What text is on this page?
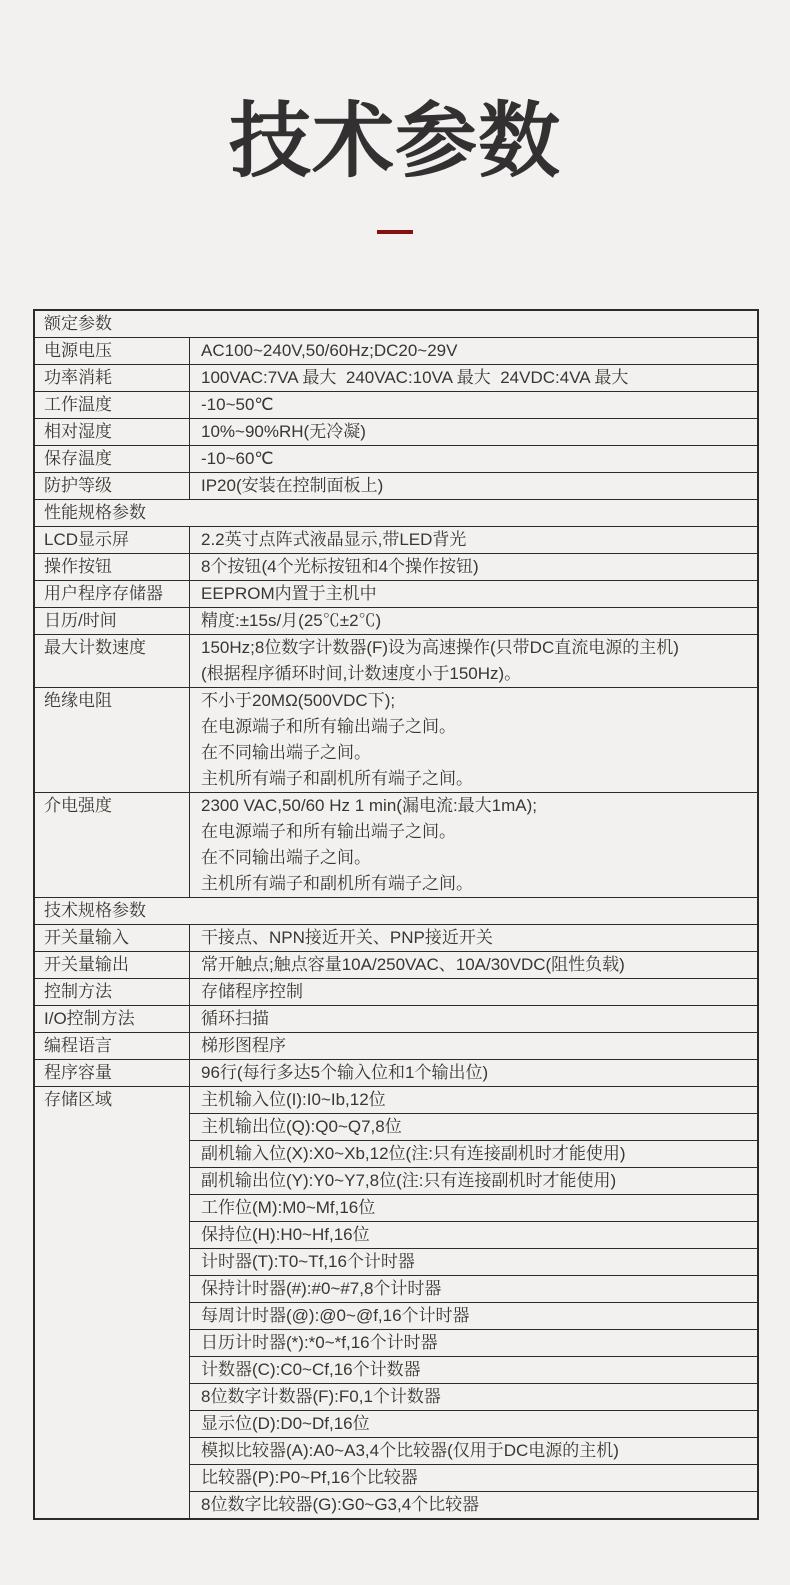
技术参数
额定参数
电源电压	AC100~240V,50/60Hz;DC20~29V
功率消耗	100VAC:7VA 最大  240VAC:10VA 最大  24VDC:4VA 最大
工作温度	-10~50℃
相对湿度	10%~90%RH(无冷凝)
保存温度	-10~60℃
防护等级	IP20(安装在控制面板上)
性能规格参数
LCD显示屏	2.2英寸点阵式液晶显示,带LED背光
操作按钮	8个按钮(4个光标按钮和4个操作按钮)
用户程序存储器	EEPROM内置于主机中
日历/时间	精度:±15s/月(25℃±2℃)
最大计数速度	150Hz;8位数字计数器(F)设为高速操作(只带DC直流电源的主机)
(根据程序循环时间,计数速度小于150Hz)。
绝缘电阻	不小于20MΩ(500VDC下);
在电源端子和所有输出端子之间。
在不同输出端子之间。
主机所有端子和副机所有端子之间。
介电强度	2300 VAC,50/60 Hz 1 min(漏电流:最大1mA);
在电源端子和所有输出端子之间。
在不同输出端子之间。
主机所有端子和副机所有端子之间。
技术规格参数
开关量输入	干接点、NPN接近开关、PNP接近开关
开关量输出	常开触点;触点容量10A/250VAC、10A/30VDC(阻性负载)
控制方法	存储程序控制
I/O控制方法	循环扫描
编程语言	梯形图程序
程序容量	96行(每行多达5个输入位和1个输出位)
存储区域	主机输入位(I):I0~Ib,12位
主机输出位(Q):Q0~Q7,8位
副机输入位(X):X0~Xb,12位(注:只有连接副机时才能使用)
副机输出位(Y):Y0~Y7,8位(注:只有连接副机时才能使用)
工作位(M):M0~Mf,16位
保持位(H):H0~Hf,16位
计时器(T):T0~Tf,16个计时器
保持计时器(#):#0~#7,8个计时器
每周计时器(@):@0~@f,16个计时器
日历计时器(*):*0~*f,16个计时器
计数器(C):C0~Cf,16个计数器
8位数字计数器(F):F0,1个计数器
显示位(D):D0~Df,16位
模拟比较器(A):A0~A3,4个比较器(仅用于DC电源的主机)
比较器(P):P0~Pf,16个比较器
8位数字比较器(G):G0~G3,4个比较器
